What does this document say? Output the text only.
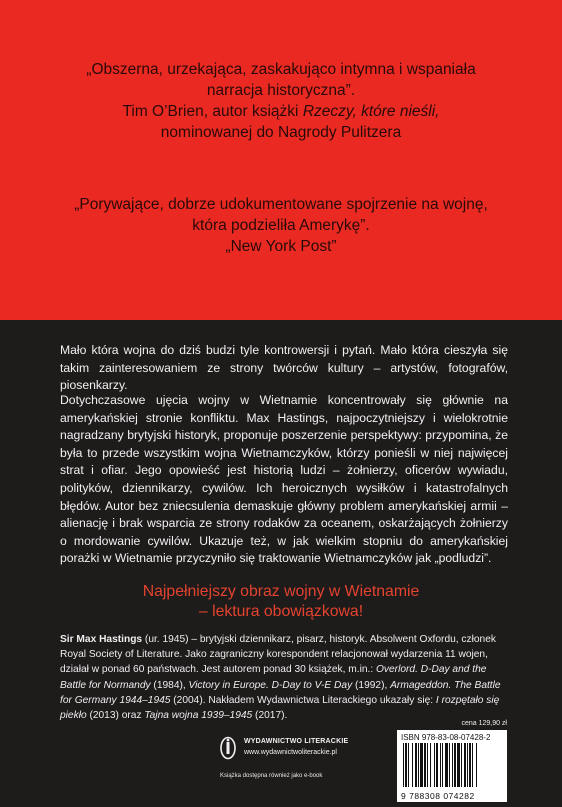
„Obszerna, urzekająca, zaskakująco intymna i wspaniała
narracja historyczna”.
Tim O’Brien, autor książki Rzeczy, które nieśli,
nominowanej do Nagrody Pulitzera
„Porywające, dobrze udokumentowane spojrzenie na wojnę,
która podzieliła Amerykę”.
„New York Post”

Mało która wojna do dziś budzi tyle kontrowersji i pytań. Mało która cieszyła się takim zainteresowaniem ze strony twórców kultury – artystów, fotografów, piosenkarzy.

Dotychczasowe ujęcia wojny w Wietnamie koncentrowały się głównie na amerykańskiej stronie konfliktu. Max Hastings, najpoczytniejszy i wielokrotnie nagradzany brytyjski historyk, proponuje poszerzenie perspektywy: przypomina, że była to przede wszystkim wojna Wietnamczyków, którzy ponieśli w niej najwięcej strat i ofiar. Jego opowieść jest historią ludzi – żołnierzy, oficerów wywiadu, polityków, dziennikarzy, cywilów. Ich heroicznych wysiłków i katastrofalnych błędów. Autor bez zniecsulenia demaskuje główny problem amerykańskiej armii – alienację i brak wsparcia ze strony rodaków za oceanem, oskarżających żołnierzy o mordowanie cywilów. Ukazuje też, w jak wielkim stopniu do amerykańskiej porażki w Wietnamie przyczyniło się traktowanie Wietnamczyków jak „podludzi”.

Najpełniejszy obraz wojny w Wietnamie
– lektura obowiązkowa!

Sir Max Hastings (ur. 1945) – brytyjski dziennikarz, pisarz, historyk. Absolwent Oxfordu, członek Royal Society of Literature. Jako zagraniczny korespondent relacjonował wydarzenia 11 wojen, działał w ponad 60 państwach. Jest autorem ponad 30 książek, m.in.: Overlord. D-Day and the Battle for Normandy (1984), Victory in Europe. D-Day to V-E Day (1992), Armageddon. The Battle for Germany 1944–1945 (2004). Nakładem Wydawnictwa Literackiego ukazały się: I rozpętało się piekło (2013) oraz Tajna wojna 1939–1945 (2017).

WYDAWNICTWO LITERACKIE
www.wydawnictwoliterackie.pl
Książka dostępna również jako e-book
cena 129,90 zł
ISBN 978-83-08-07428-2
9 788308 074282
